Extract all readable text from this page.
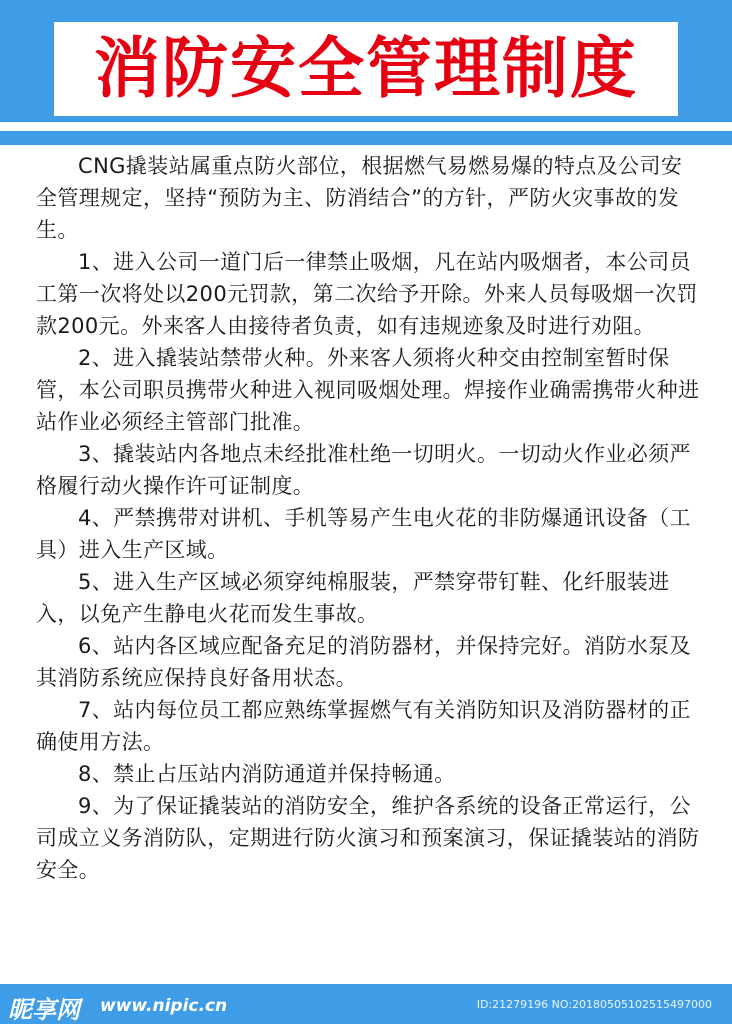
消防安全管理制度

CNG撬装站属重点防火部位，根据燃气易燃易爆的特点及公司安全管理规定，坚持“预防为主、防消结合”的方针，严防火灾事故的发生。

1、进入公司一道门后一律禁止吸烟，凡在站内吸烟者，本公司员工第一次将处以200元罚款，第二次给予开除。外来人员每吸烟一次罚款200元。外来客人由接待者负责，如有违规迹象及时进行劝阻。

2、进入撬装站禁带火种。外来客人须将火种交由控制室暂时保管，本公司职员携带火种进入视同吸烟处理。焊接作业确需携带火种进站作业必须经主管部门批准。

3、撬装站内各地点未经批准杜绝一切明火。一切动火作业必须严格履行动火操作许可证制度。

4、严禁携带对讲机、手机等易产生电火花的非防爆通讯设备（工具）进入生产区域。

5、进入生产区域必须穿纯棉服装，严禁穿带钉鞋、化纤服装进入，以免产生静电火花而发生事故。

6、站内各区域应配备充足的消防器材，并保持完好。消防水泵及其消防系统应保持良好备用状态。

7、站内每位员工都应熟练掌握燃气有关消防知识及消防器材的正确使用方法。

8、禁止占压站内消防通道并保持畅通。

9、为了保证撬装站的消防安全，维护各系统的设备正常运行，公司成立义务消防队，定期进行防火演习和预案演习，保证撬装站的消防安全。

昵享网 www.nipic.cn	ID:21279196 NO:20180505102515497000
